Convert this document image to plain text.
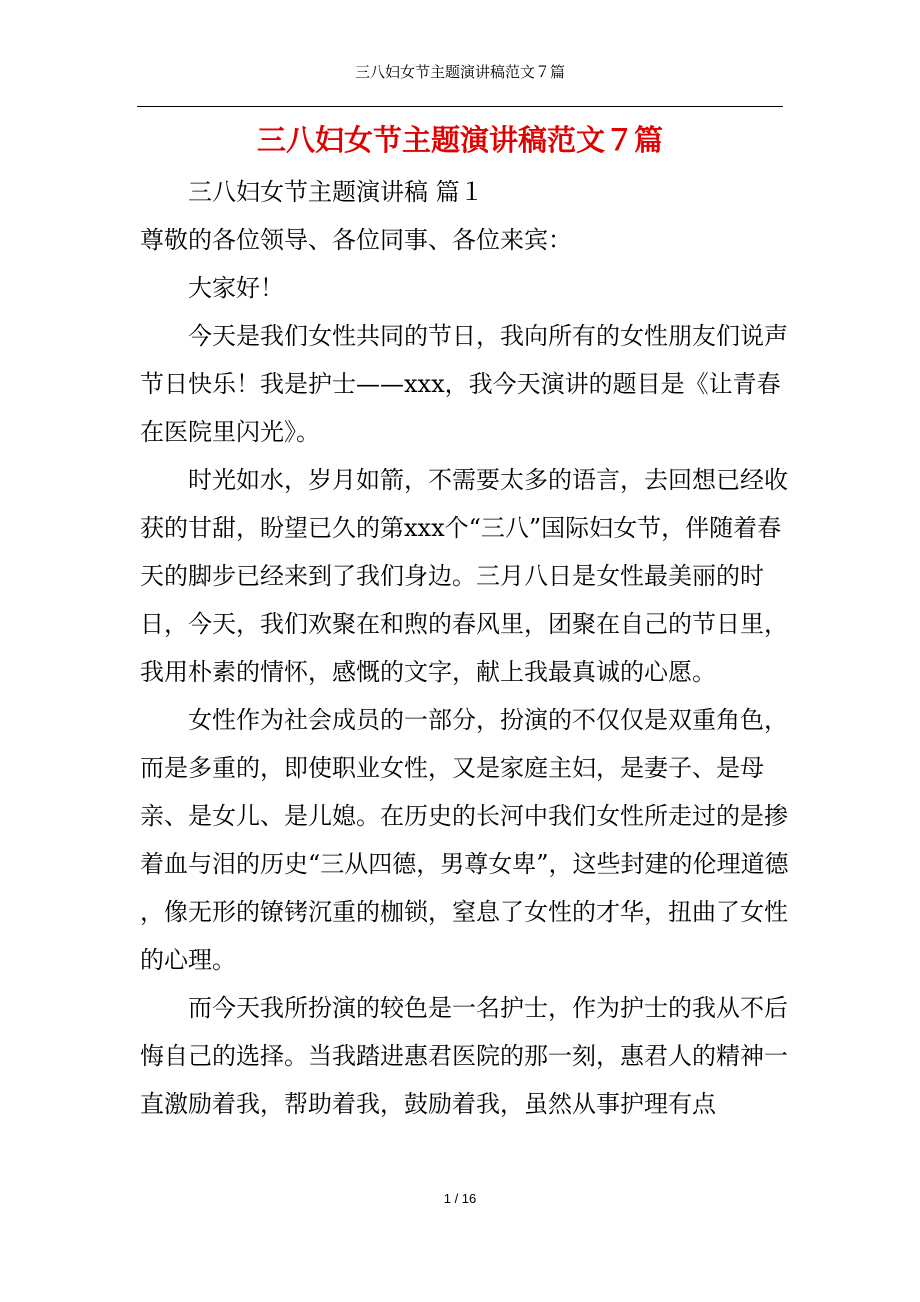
三八妇女节主题演讲稿范文７篇
三八妇女节主题演讲稿范文７篇

三八妇女节主题演讲稿 篇１

尊敬的各位领导、各位同事、各位来宾：

大家好！

今天是我们女性共同的节日，我向所有的女性朋友们说声节日快乐！我是护士——xxx，我今天演讲的题目是《让青春在医院里闪光》。

时光如水，岁月如箭，不需要太多的语言，去回想已经收获的甘甜，盼望已久的第xxx个“三八”国际妇女节，伴随着春天的脚步已经来到了我们身边。三月八日是女性最美丽的时日，今天，我们欢聚在和煦的春风里，团聚在自己的节日里，我用朴素的情怀，感慨的文字，献上我最真诚的心愿。

女性作为社会成员的一部分，扮演的不仅仅是双重角色，而是多重的，即使职业女性，又是家庭主妇，是妻子、是母亲、是女儿、是儿媳。在历史的长河中我们女性所走过的是掺着血与泪的历史“三从四德，男尊女卑”，这些封建的伦理道德 ，像无形的镣铐沉重的枷锁，窒息了女性的才华，扭曲了女性的心理。

而今天我所扮演的较色是一名护士，作为护士的我从不后悔自己的选择。当我踏进惠君医院的那一刻，惠君人的精神一直激励着我，帮助着我，鼓励着我，虽然从事护理有点

1 / 16
